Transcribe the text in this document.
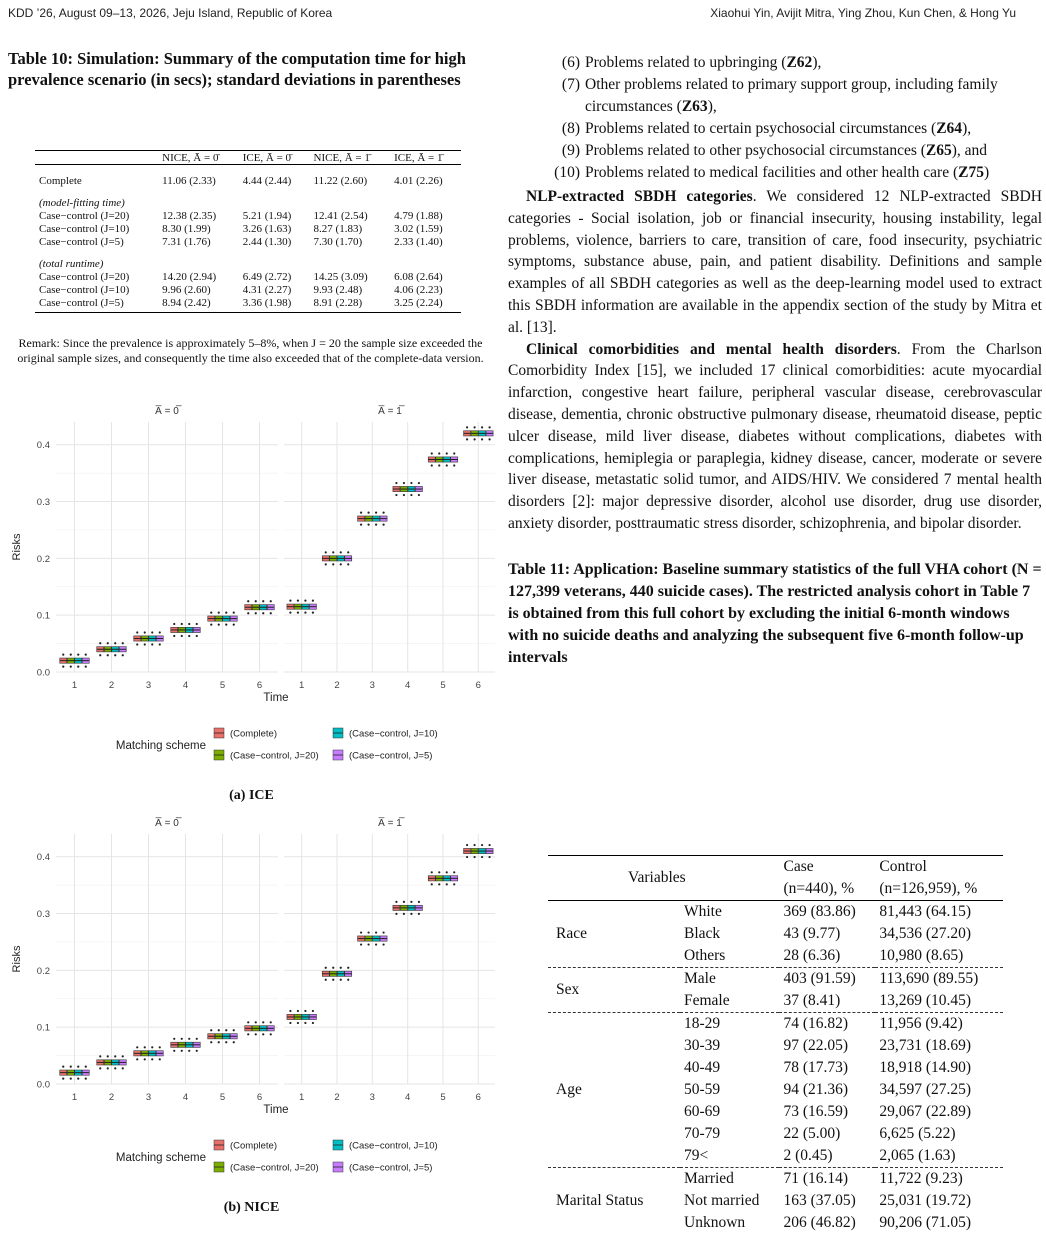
KDD ’26, August 09–13, 2026, Jeju Island, Republic of Korea	Xiaohui Yin, Avijit Mitra, Ying Zhou, Kun Chen, & Hong Yu

Table 10: Simulation: Summary of the computation time for high prevalence scenario (in secs); standard deviations in parentheses

	NICE, Ā = 0̄	ICE, Ā = 0̄	NICE, Ā = 1̄	ICE, Ā = 1̄

Complete	11.06 (2.33)	4.44 (2.44)	11.22 (2.60)	4.01 (2.26)

(model-fitting time)				
Case−control (J=20)	12.38 (2.35)	5.21 (1.94)	12.41 (2.54)	4.79 (1.88)
Case−control (J=10)	8.30 (1.99)	3.26 (1.63)	8.27 (1.83)	3.02 (1.59)
Case−control (J=5)	7.31 (1.76)	2.44 (1.30)	7.30 (1.70)	2.33 (1.40)

(total runtime)				
Case−control (J=20)	14.20 (2.94)	6.49 (2.72)	14.25 (3.09)	6.08 (2.64)
Case−control (J=10)	9.96 (2.60)	4.31 (2.27)	9.93 (2.48)	4.06 (2.23)
Case−control (J=5)	8.94 (2.42)	3.36 (1.98)	8.91 (2.28)	3.25 (2.24)

Remark: Since the prevalence is approximately 5–8%, when J = 20 the sample size exceeded the original sample sizes, and consequently the time also exceeded that of the complete-data version.
A̅ = 0̅
1	2	3	4	5	6
A̅ = 1̅
1	2	3	4	5	6
0.0
0.1
0.2
0.3
0.4
Risks
Time
Matching scheme
(Complete)	(Case−control, J=10)
(Case−control, J=20)	(Case−control, J=5)
(a) ICE
A̅ = 0̅
1	2	3	4	5	6
A̅ = 1̅
1	2	3	4	5	6
0.0
0.1
0.2
0.3
0.4
Risks
Time
Matching scheme
(Complete)	(Case−control, J=10)
(Case−control, J=20)	(Case−control, J=5)
(b) NICE
(6) Problems related to upbringing (Z62),
(7) Other problems related to primary support group, including family circumstances (Z63),
(8) Problems related to certain psychosocial circumstances (Z64),
(9) Problems related to other psychosocial circumstances (Z65), and
(10) Problems related to medical facilities and other health care (Z75)

NLP-extracted SBDH categories. We considered 12 NLP-extracted SBDH categories - Social isolation, job or financial insecurity, housing instability, legal problems, violence, barriers to care, transition of care, food insecurity, psychiatric symptoms, substance abuse, pain, and patient disability. Definitions and sample examples of all SBDH categories as well as the deep-learning model used to extract this SBDH information are available in the appendix section of the study by Mitra et al. [13].

Clinical comorbidities and mental health disorders. From the Charlson Comorbidity Index [15], we included 17 clinical comorbidities: acute myocardial infarction, congestive heart failure, peripheral vascular disease, cerebrovascular disease, dementia, chronic obstructive pulmonary disease, rheumatoid disease, peptic ulcer disease, mild liver disease, diabetes without complications, diabetes with complications, hemiplegia or paraplegia, kidney disease, cancer, moderate or severe liver disease, metastatic solid tumor, and AIDS/HIV. We considered 7 mental health disorders [2]: major depressive disorder, alcohol use disorder, drug use disorder, anxiety disorder, posttraumatic stress disorder, schizophrenia, and bipolar disorder.

Table 11: Application: Baseline summary statistics of the full VHA cohort (N = 127,399 veterans, 440 suicide cases). The restricted analysis cohort in Table 7 is obtained from this full cohort by excluding the initial 6-month windows with no suicide deaths and analyzing the subsequent five 6-month follow-up intervals

Variables		Case	Control
		(n=440), %	(n=126,959), %
Race	White	369 (83.86)	81,443 (64.15)
	Black	43 (9.77)	34,536 (27.20)
	Others	28 (6.36)	10,980 (8.65)
Sex	Male	403 (91.59)	113,690 (89.55)
	Female	37 (8.41)	13,269 (10.45)
Age	18-29	74 (16.82)	11,956 (9.42)
	30-39	97 (22.05)	23,731 (18.69)
	40-49	78 (17.73)	18,918 (14.90)
	50-59	94 (21.36)	34,597 (27.25)
	60-69	73 (16.59)	29,067 (22.89)
	70-79	22 (5.00)	6,625 (5.22)
	79<	2 (0.45)	2,065 (1.63)
Marital Status	Married	71 (16.14)	11,722 (9.23)
	Not married	163 (37.05)	25,031 (19.72)
	Unknown	206 (46.82)	90,206 (71.05)
